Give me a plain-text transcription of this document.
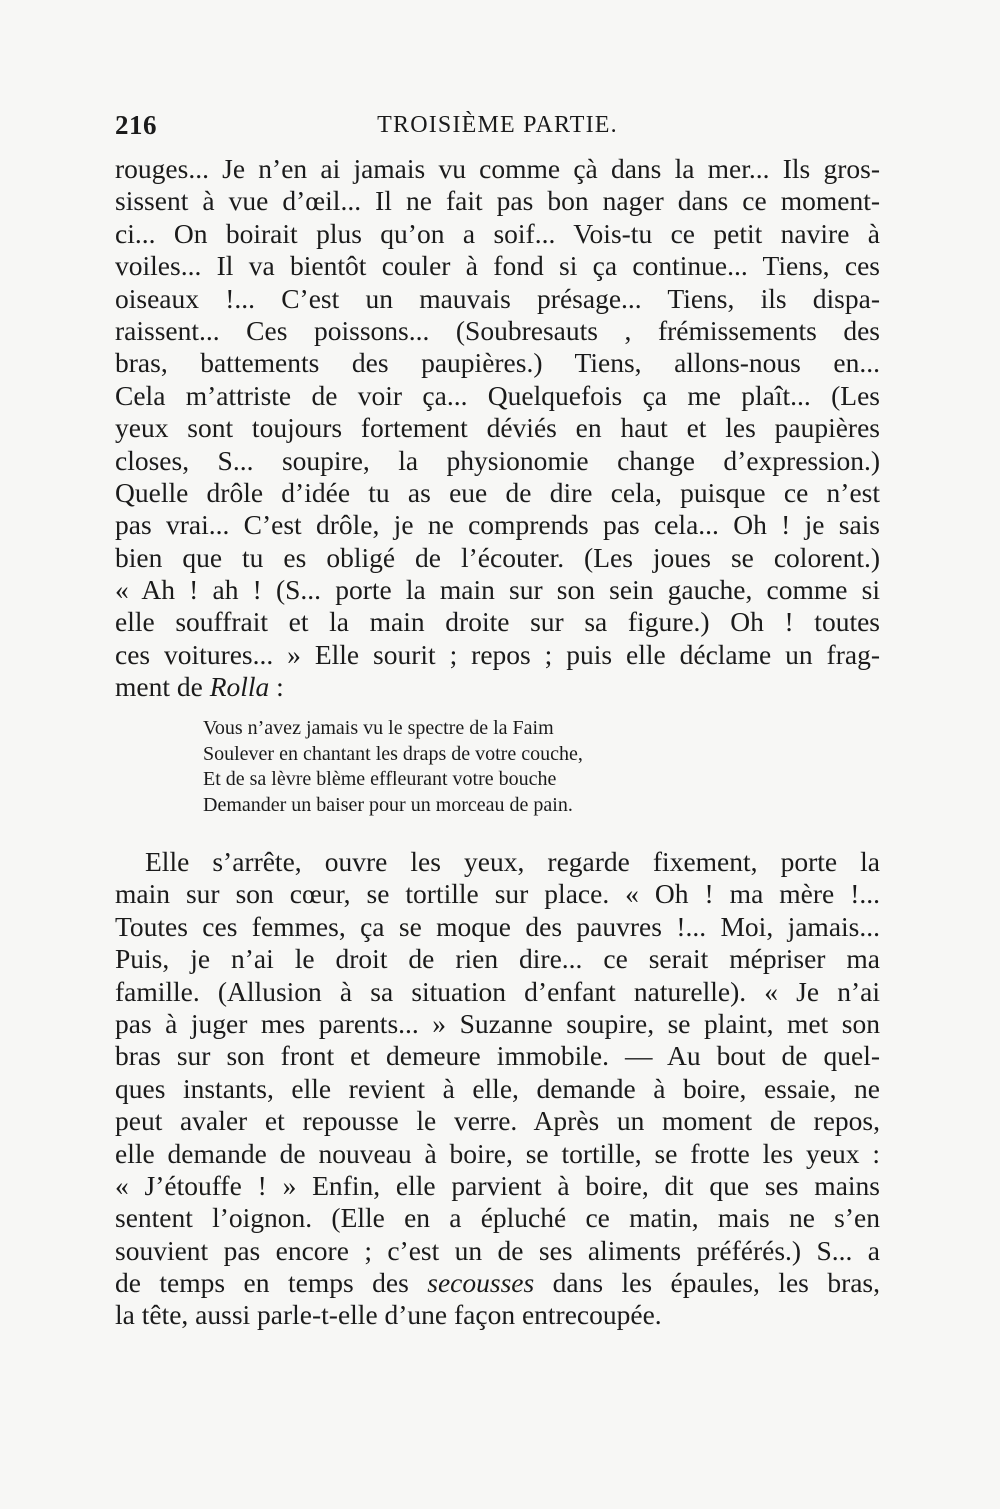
216	TROISIÈME PARTIE.
rouges... Je n’en ai jamais vu comme çà dans la mer... Ils gros-
sissent à vue d’œil... Il ne fait pas bon nager dans ce moment-
ci... On boirait plus qu’on a soif... Vois-tu ce petit navire à
voiles... Il va bientôt couler à fond si ça continue... Tiens, ces
oiseaux !... C’est un mauvais présage... Tiens, ils dispa-
raissent... Ces poissons... (Soubresauts , frémissements des
bras, battements des paupières.) Tiens, allons-nous en...
Cela m’attriste de voir ça... Quelquefois ça me plaît... (Les
yeux sont toujours fortement déviés en haut et les paupières
closes, S... soupire, la physionomie change d’expression.)
Quelle drôle d’idée tu as eue de dire cela, puisque ce n’est
pas vrai... C’est drôle, je ne comprends pas cela... Oh ! je sais
bien que tu es obligé de l’écouter. (Les joues se colorent.)
« Ah ! ah ! (S... porte la main sur son sein gauche, comme si
elle souffrait et la main droite sur sa figure.) Oh ! toutes
ces voitures... » Elle sourit ; repos ; puis elle déclame un frag-
ment de Rolla :
Vous n’avez jamais vu le spectre de la Faim
Soulever en chantant les draps de votre couche,
Et de sa lèvre blème effleurant votre bouche
Demander un baiser pour un morceau de pain.
Elle s’arrête, ouvre les yeux, regarde fixement, porte la
main sur son cœur, se tortille sur place. « Oh ! ma mère !...
Toutes ces femmes, ça se moque des pauvres !... Moi, jamais...
Puis, je n’ai le droit de rien dire... ce serait mépriser ma
famille. (Allusion à sa situation d’enfant naturelle). « Je n’ai
pas à juger mes parents... » Suzanne soupire, se plaint, met son
bras sur son front et demeure immobile. — Au bout de quel-
ques instants, elle revient à elle, demande à boire, essaie, ne
peut avaler et repousse le verre. Après un moment de repos,
elle demande de nouveau à boire, se tortille, se frotte les yeux :
« J’étouffe ! » Enfin, elle parvient à boire, dit que ses mains
sentent l’oignon. (Elle en a épluché ce matin, mais ne s’en
souvient pas encore ; c’est un de ses aliments préférés.) S... a
de temps en temps des secousses dans les épaules, les bras,
la tête, aussi parle-t-elle d’une façon entrecoupée.
